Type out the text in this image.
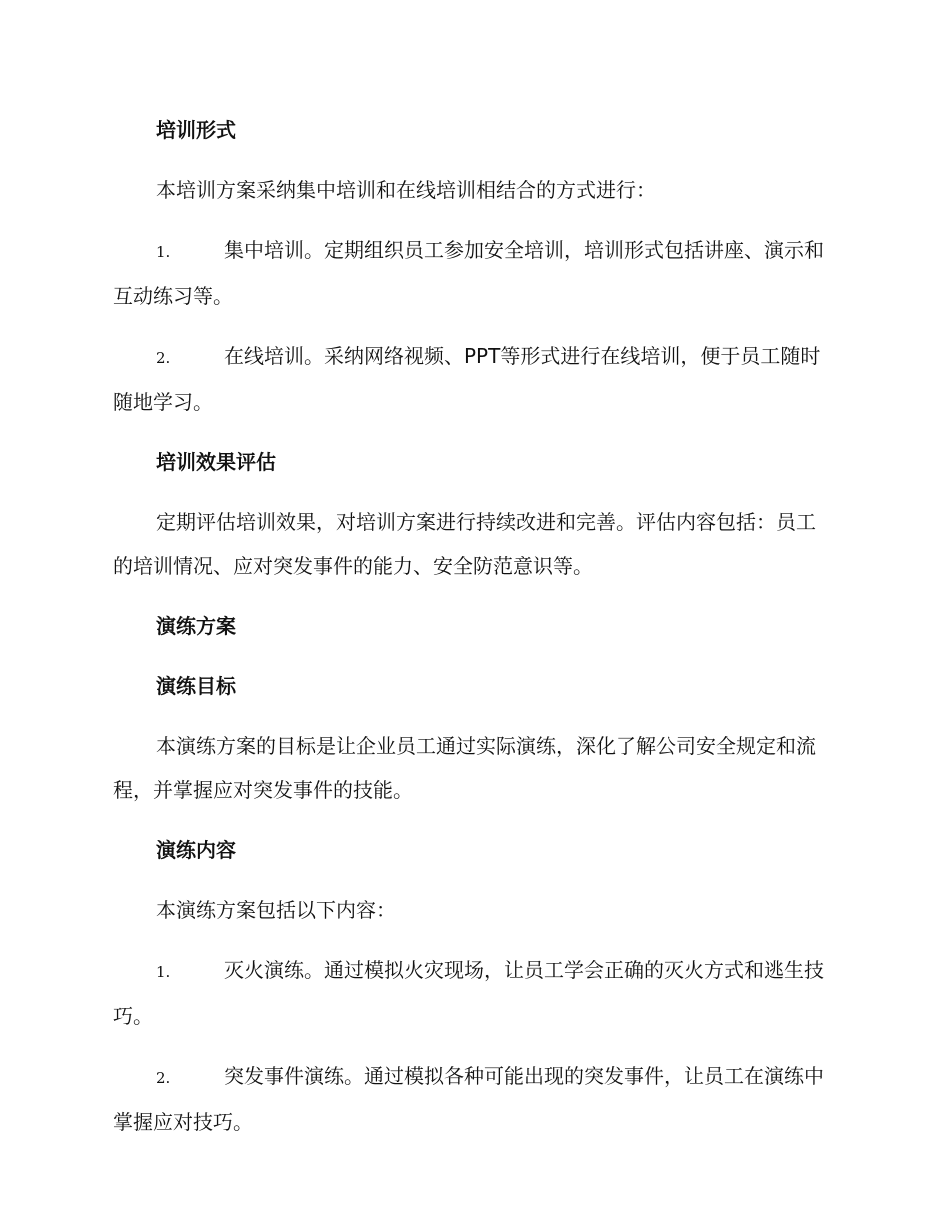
培训形式
本培训方案采纳集中培训和在线培训相结合的方式进行：
1.	集中培训。定期组织员工参加安全培训，培训形式包括讲座、演示和互动练习等。
2.	在线培训。采纳网络视频、PPT等形式进行在线培训，便于员工随时随地学习。
培训效果评估
定期评估培训效果，对培训方案进行持续改进和完善。评估内容包括：员工的培训情况、应对突发事件的能力、安全防范意识等。
演练方案
演练目标
本演练方案的目标是让企业员工通过实际演练，深化了解公司安全规定和流程，并掌握应对突发事件的技能。
演练内容
本演练方案包括以下内容：
1.	灭火演练。通过模拟火灾现场，让员工学会正确的灭火方式和逃生技巧。
2.	突发事件演练。通过模拟各种可能出现的突发事件，让员工在演练中掌握应对技巧。
